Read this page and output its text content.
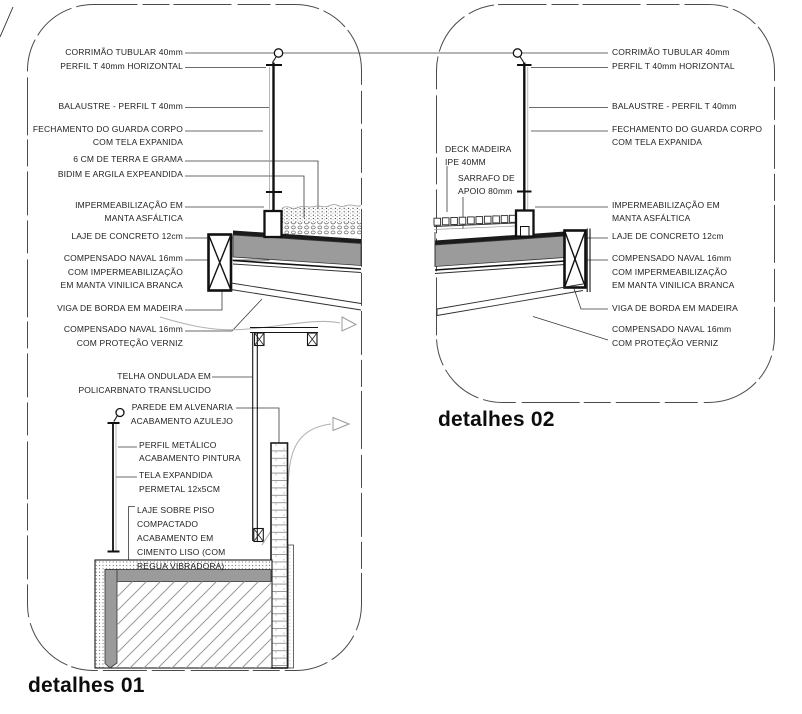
CORRIMÃO TUBULAR 40mm
PERFIL T 40mm HORIZONTAL
BALAUSTRE - PERFIL T 40mm
FECHAMENTO DO GUARDA CORPO
COM TELA EXPANIDA
6 CM DE TERRA E GRAMA
BIDIM E ARGILA EXPEANDIDA
IMPERMEABILIZAÇÃO EM
MANTA ASFÁLTICA
LAJE DE CONCRETO 12cm
COMPENSADO NAVAL 16mm
COM IMPERMEABILIZAÇÃO
EM MANTA VINILICA BRANCA
VIGA DE BORDA EM MADEIRA
COMPENSADO NAVAL 16mm
COM PROTEÇÃO VERNIZ
TELHA ONDULADA EM
POLICARBNATO TRANSLUCIDO
PAREDE EM ALVENARIA
ACABAMENTO AZULEJO
PERFIL METÁLICO
ACABAMENTO PINTURA
TELA EXPANDIDA
PERMETAL 12x5CM
LAJE SOBRE PISO
COMPACTADO
ACABAMENTO EM
CIMENTO LISO (COM
REGUA VIBRADORA)
DECK MADEIRA
IPE 40MM
SARRAFO DE
APOIO 80mm
CORRIMÃO TUBULAR 40mm
PERFIL T 40mm HORIZONTAL
BALAUSTRE - PERFIL T 40mm
FECHAMENTO DO GUARDA CORPO
COM TELA EXPANIDA
IMPERMEABILIZAÇÃO EM
MANTA ASFÁLTICA
LAJE DE CONCRETO 12cm
COMPENSADO NAVAL 16mm
COM IMPERMEABILIZAÇÃO
EM MANTA VINILICA BRANCA
VIGA DE BORDA EM MADEIRA
COMPENSADO NAVAL 16mm
COM PROTEÇÃO VERNIZ
detalhes 01
detalhes 02
